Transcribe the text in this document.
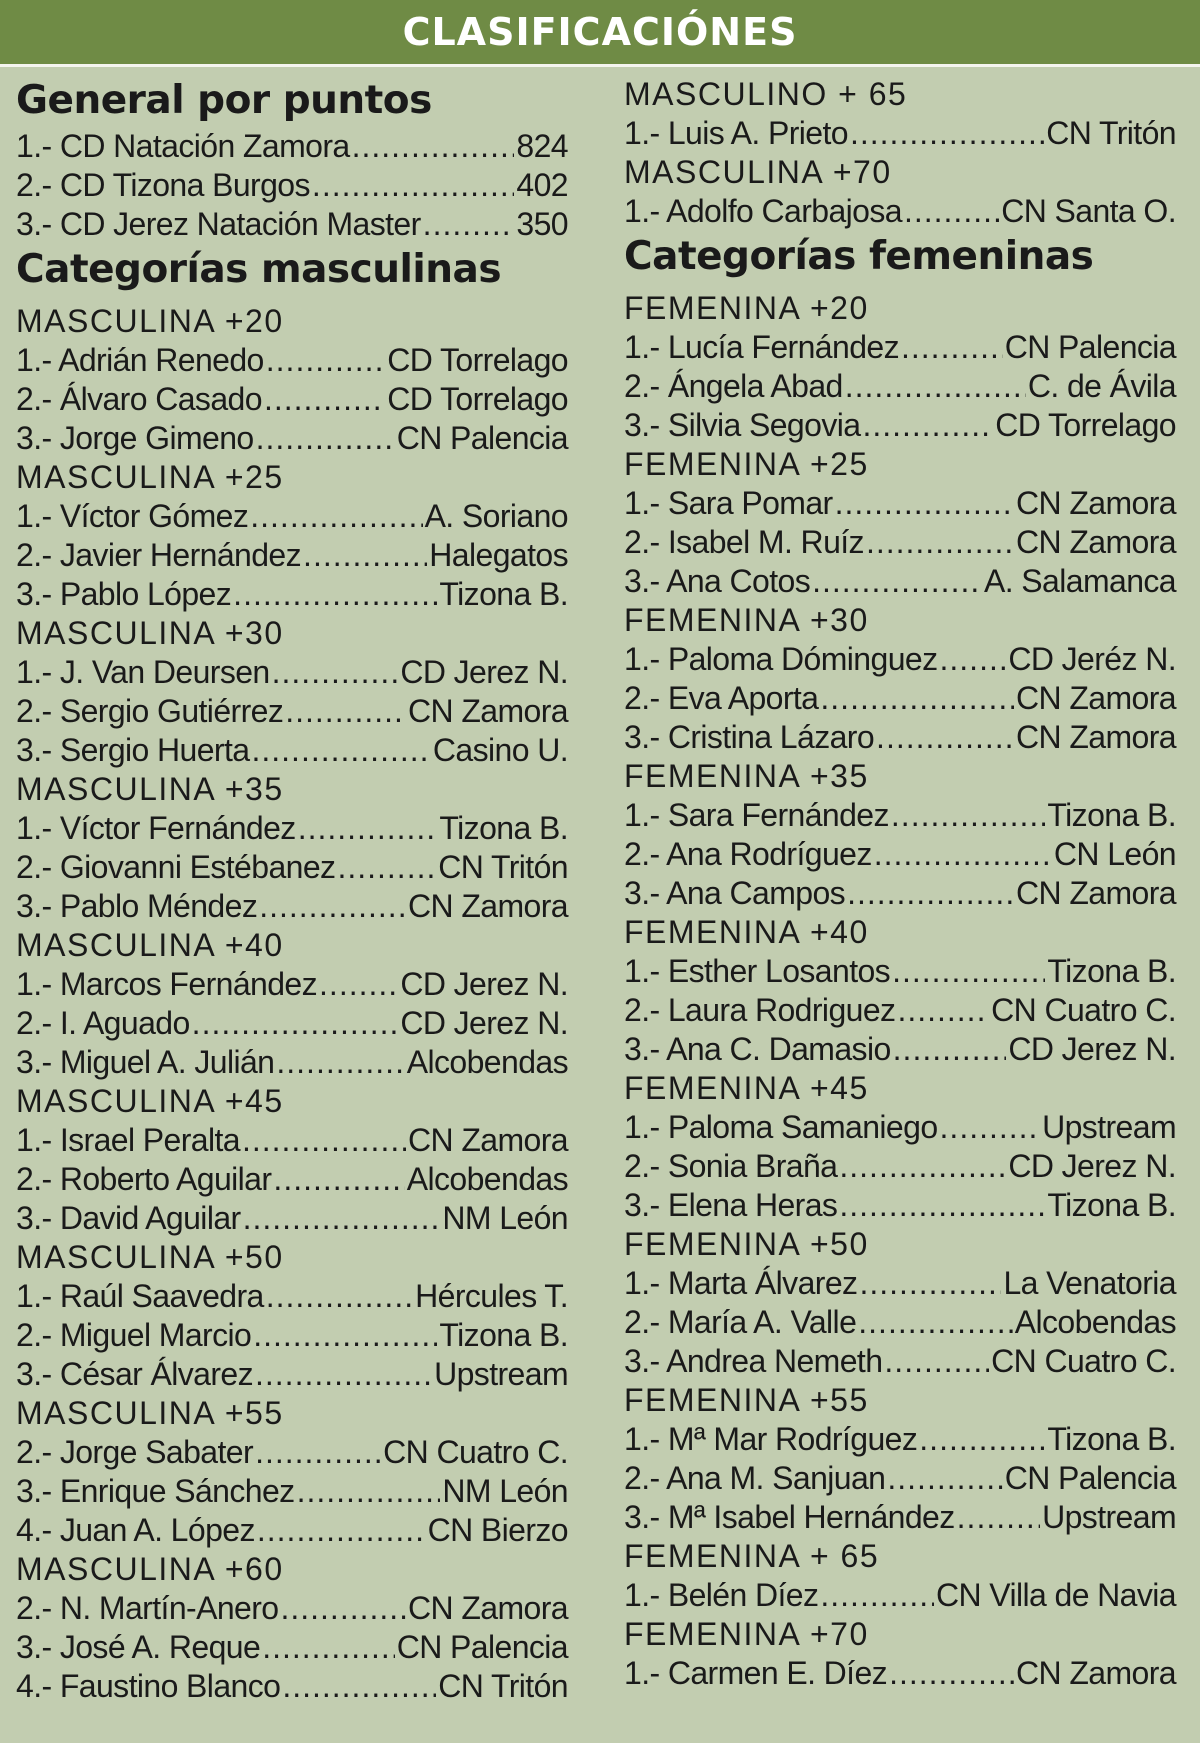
CLASIFICACIÓNES
General por puntos
1.- CD Natación Zamora .....	824
2.- CD Tizona Burgos .....	402
3.- CD Jerez Natación Master .....	350
Categorías masculinas
MASCULINA +20
1.- Adrián Renedo .....	CD Torrelago
2.- Álvaro Casado .....	CD Torrelago
3.- Jorge Gimeno .....	CN Palencia
MASCULINA +25
1.- Víctor Gómez .....	A. Soriano
2.- Javier Hernández .....	Halegatos
3.- Pablo López .....	Tizona B.
MASCULINA +30
1.- J. Van Deursen .....	CD Jerez N.
2.- Sergio Gutiérrez .....	CN Zamora
3.- Sergio Huerta .....	Casino U.
MASCULINA +35
1.- Víctor Fernández .....	Tizona B.
2.- Giovanni Estébanez .....	CN Tritón
3.- Pablo Méndez .....	CN Zamora
MASCULINA +40
1.- Marcos Fernández .....	CD Jerez N.
2.- I. Aguado .....	CD Jerez N.
3.- Miguel A. Julián .....	Alcobendas
MASCULINA +45
1.- Israel Peralta .....	CN Zamora
2.- Roberto Aguilar .....	Alcobendas
3.- David Aguilar .....	NM León
MASCULINA +50
1.- Raúl Saavedra .....	Hércules T.
2.- Miguel Marcio .....	Tizona B.
3.- César Álvarez .....	Upstream
MASCULINA +55
2.- Jorge Sabater .....	CN Cuatro C.
3.- Enrique Sánchez .....	NM León
4.- Juan A. López .....	CN Bierzo
MASCULINA +60
2.- N. Martín-Anero .....	CN Zamora
3.- José A. Reque .....	CN Palencia
4.- Faustino Blanco .....	CN Tritón
MASCULINO + 65
1.- Luis A. Prieto .....	CN Tritón
MASCULINA +70
1.- Adolfo Carbajosa .....	CN Santa O.
Categorías femeninas
FEMENINA +20
1.- Lucía Fernández .....	CN Palencia
2.- Ángela Abad .....	C. de Ávila
3.- Silvia Segovia .....	CD Torrelago
FEMENINA +25
1.- Sara Pomar .....	CN Zamora
2.- Isabel M. Ruíz .....	CN Zamora
3.- Ana Cotos .....	A. Salamanca
FEMENINA +30
1.- Paloma Dóminguez ..... CD Jeréz N.
2.- Eva Aporta .....	CN Zamora
3.- Cristina Lázaro .....	CN Zamora
FEMENINA +35
1.- Sara Fernández .....	Tizona B.
2.- Ana Rodríguez .....	CN León
3.- Ana Campos .....	CN Zamora
FEMENINA +40
1.- Esther Losantos .....	Tizona B.
2.- Laura Rodriguez .....	CN Cuatro C.
3.- Ana C. Damasio .....	CD Jerez N.
FEMENINA +45
1.- Paloma Samaniego .....	Upstream
2.- Sonia Braña .....	CD Jerez N.
3.- Elena Heras .....	Tizona B.
FEMENINA +50
1.- Marta Álvarez .....	La Venatoria
2.- María A. Valle .....	Alcobendas
3.- Andrea Nemeth .....	CN Cuatro C.
FEMENINA +55
1.- Mª Mar Rodríguez .....	Tizona B.
2.- Ana M. Sanjuan .....	CN Palencia
3.- Mª Isabel Hernández .....	Upstream
FEMENINA + 65
1.- Belén Díez .....	CN Villa de Navia
FEMENINA +70
1.- Carmen E. Díez .....	CN Zamora
